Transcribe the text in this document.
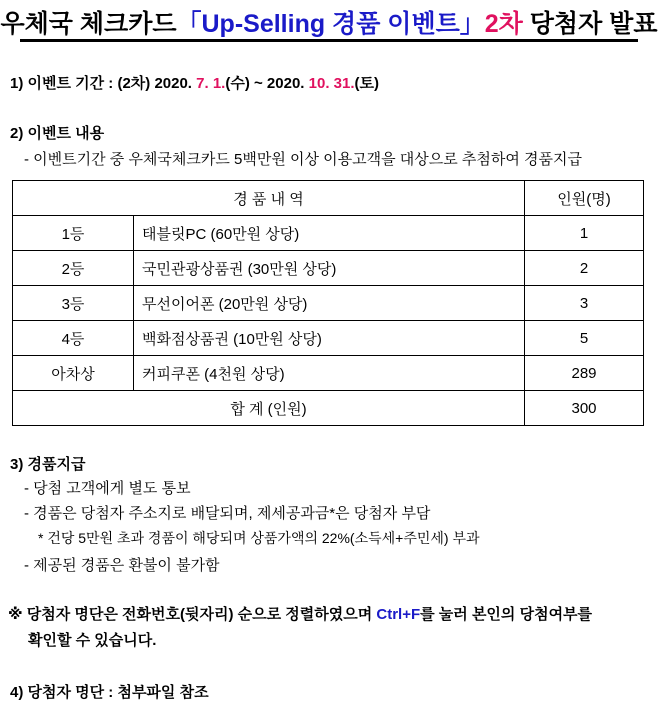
우체국 체크카드「Up-Selling 경품 이벤트」2차 당첨자 발표
1) 이벤트 기간 : (2차) 2020. 7. 1.(수) ~ 2020. 10. 31.(토)
2) 이벤트 내용
- 이벤트기간 중 우체국체크카드 5백만원 이상 이용고객을 대상으로 추첨하여 경품지급
경 품 내 역		인원(명)
1등	태블릿PC (60만원 상당)	1
2등	국민관광상품권 (30만원 상당)	2
3등	무선이어폰 (20만원 상당)	3
4등	백화점상품권 (10만원 상당)	5
아차상	커피쿠폰 (4천원 상당)	289
합 계 (인원)		300
3) 경품지급
- 당첨 고객에게 별도 통보
- 경품은 당첨자 주소지로 배달되며, 제세공과금*은 당첨자 부담
* 건당 5만원 초과 경품이 해당되며 상품가액의 22%(소득세+주민세) 부과
- 제공된 경품은 환불이 불가함
※ 당첨자 명단은 전화번호(뒷자리) 순으로 정렬하였으며 Ctrl+F를 눌러 본인의 당첨여부를
확인할 수 있습니다.
4) 당첨자 명단 : 첨부파일 참조
